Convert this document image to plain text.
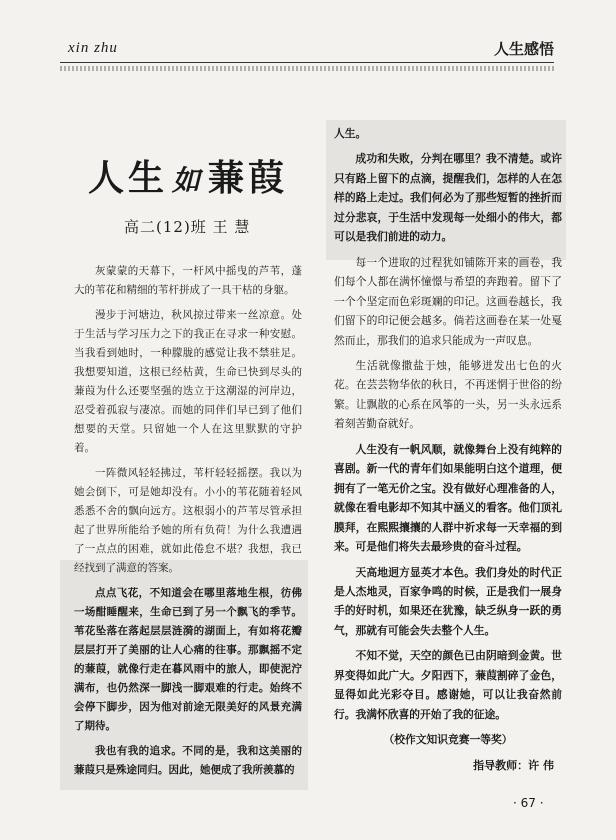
xin zhu	人生感悟
人生 如 蒹葭
高二(12)班 王 慧

灰蒙蒙的天幕下，一杆风中摇曳的芦苇，蓬大的苇花和精细的苇杆拼成了一具干枯的身躯。

漫步于河塘边，秋风掠过带来一丝凉意。处于生活与学习压力之下的我正在寻求一种安慰。当我看到她时，一种朦胧的感觉让我不禁驻足。我想要知道，这根已经枯黄，生命已快到尽头的蒹葭为什么还要坚强的迭立于这潮湿的河岸边，忍受着孤寂与凄凉。而她的同伴们早已到了他们想要的天堂。只留她一个人在这里默默的守护着。

一阵微风轻轻拂过，苇杆轻轻摇摆。我以为她会倒下，可是她却没有。小小的苇花随着轻风悉悉不舍的飘向远方。这根弱小的芦苇尽管承担起了世界所能给予她的所有负荷！为什么我遭遇了一点点的困难，就如此倦怠不堪？我想，我已经找到了满意的答案。

点点飞花，不知道会在哪里落地生根，彷佛一场酣睡醒来，生命已到了另一个飘飞的季节。苇花坠落在落起层层涟漪的湖面上，有如将花瓣层层打开了美丽的让人心痛的往事。那飘摇不定的蒹葭，就像行走在暮风雨中的旅人，即使泥泞满布，也仍然深一脚浅一脚艰难的行走。始终不会停下脚步，因为他对前途无限美好的风景充满了期待。

我也有我的追求。不同的是，我和这美丽的蒹葭只是殊途同归。因此，她便成了我所羡慕的

人生。

成功和失败，分判在哪里？我不清楚。或许只有路上留下的点滴，提醒我们，怎样的人在怎样的路上走过。我们何必为了那些短暂的挫折而过分悲哀，于生活中发现每一处细小的伟大，都可以是我们前进的动力。

每一个进取的过程犹如铺陈开来的画卷，我们每个人都在满怀憧憬与希望的奔跑着。留下了一个个坚定而色彩斑斓的印记。这画卷越长，我们留下的印记便会越多。倘若这画卷在某一处戛然而止，那我们的追求只能成为一声叹息。

生活就像撒盐于烛，能够迸发出七色的火花。在芸芸物华依的秋日，不再迷惘于世俗的纷繁。让飘散的心系在风筝的一头，另一头永远系着刻苦勤奋就好。

人生没有一帆风顺，就像舞台上没有纯粹的喜剧。新一代的青年们如果能明白这个道理，便拥有了一笔无价之宝。没有做好心理准备的人，就像在看电影却不知其中涵义的看客。他们顶礼膜拜，在熙熙攘攘的人群中祈求每一天幸福的到来。可是他们将失去最珍贵的奋斗过程。

天高地迥方显英才本色。我们身处的时代正是人杰地灵，百家争鸣的时候，正是我们一展身手的好时机，如果还在犹豫，缺乏纵身一跃的勇气，那就有可能会失去整个人生。

不知不觉，天空的颜色已由阴暗到金黄。世界变得如此广大。夕阳西下，蒹葭割碎了金色，显得如此光彩夺目。感谢她，可以让我奋然前行。我满怀欣喜的开始了我的征途。

（校作文知识竞赛一等奖）

指导教师：许 伟

· 67 ·
